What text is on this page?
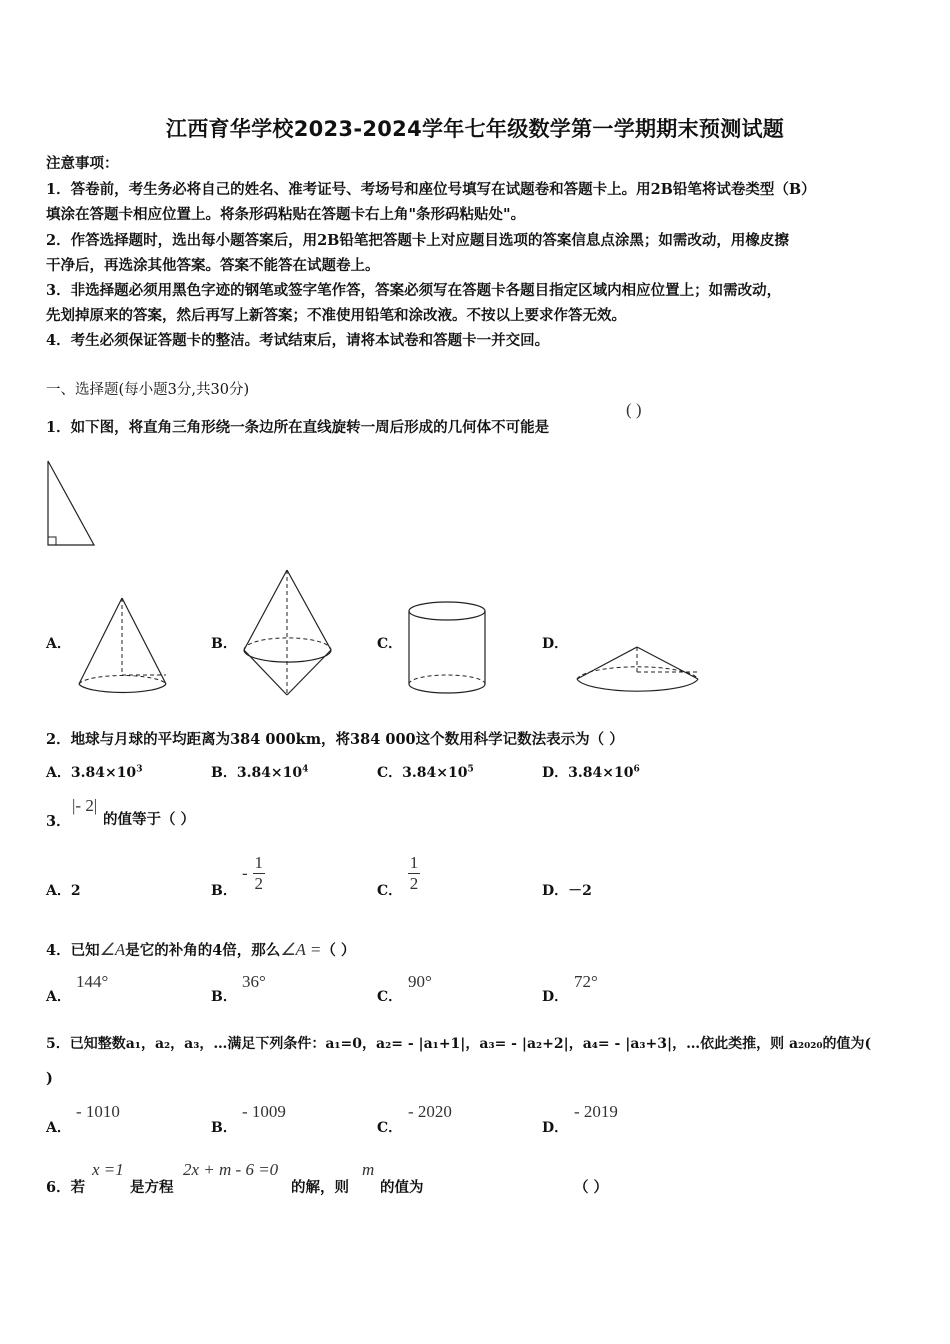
江西育华学校2023-2024学年七年级数学第一学期期末预测试题
注意事项：
1．答卷前，考生务必将自己的姓名、准考证号、考场号和座位号填写在试题卷和答题卡上。用2B铅笔将试卷类型（B）
填涂在答题卡相应位置上。将条形码粘贴在答题卡右上角"条形码粘贴处"。
2．作答选择题时，选出每小题答案后，用2B铅笔把答题卡上对应题目选项的答案信息点涂黑；如需改动，用橡皮擦
干净后，再选涂其他答案。答案不能答在试题卷上。
3．非选择题必须用黑色字迹的钢笔或签字笔作答，答案必须写在答题卡各题目指定区域内相应位置上；如需改动，
先划掉原来的答案，然后再写上新答案；不准使用铅笔和涂改液。不按以上要求作答无效。
4．考生必须保证答题卡的整洁。考试结束后，请将本试卷和答题卡一并交回。
一、选择题(每小题3分,共30分)
1．如下图，将直角三角形绕一条边所在直线旋转一周后形成的几何体不可能是
( )
A．	B．	C．	D．
2．地球与月球的平均距离为384 000km，将384 000这个数用科学记数法表示为（ ）
A．$3.84\times 10^3$	B．$3.84\times 10^4$	C．$3.84\times 10^5$	D．$3.84\times 10^6$
3．
|- 2|
的值等于（ ）
A．2	B．
- $\frac{1}{2}$	C． $\frac{1}{2}$	D．－2
4．已知∠A是它的补角的4倍，那么∠A =（ ）
A．
144°
B．
36°
C．
90°
D．
72°
5．已知整数a₁，a₂，a₃，…满足下列条件：a₁=0，a₂= - |a₁+1|，a₃= - |a₂+2|，a₄= - |a₃+3|，…依此类推，则 a₂₀₂₀的值为(
)
A．
- 1010
B．
- 1009
C．
- 2020
D．
- 2019
6．若
x =1
是方程
2x + m - 6 =0
的解，则
m
的值为	（ ）
